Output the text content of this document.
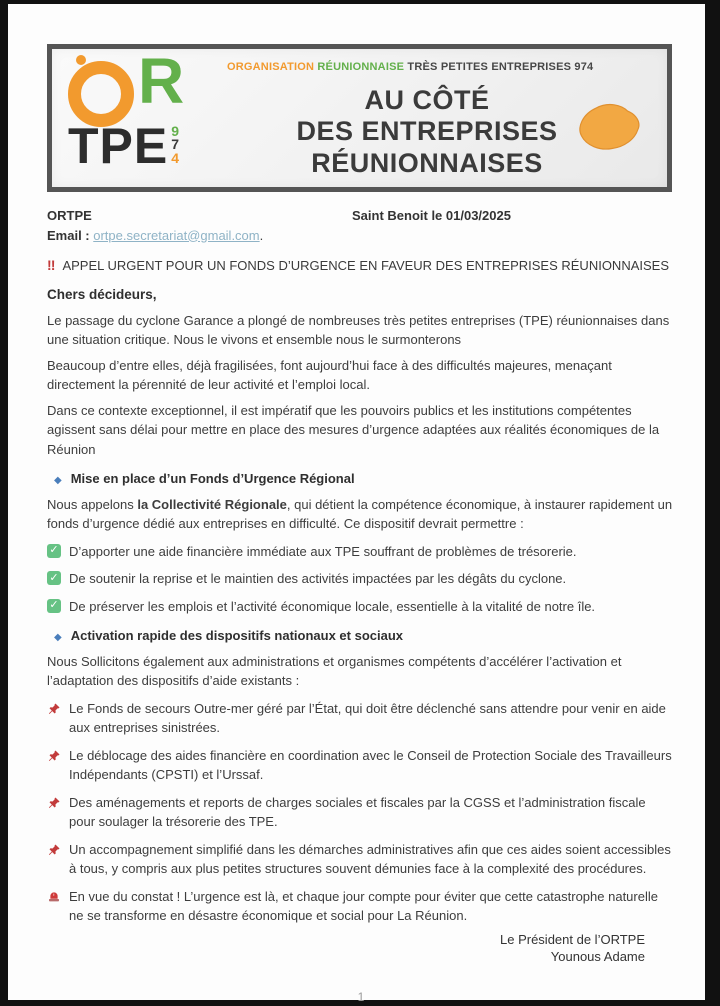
R
TPE 9
7
4
ORGANISATION RÉUNIONNAISE TRÈS PETITES ENTREPRISES 974
AU CÔTÉ
DES ENTREPRISES
RÉUNIONNAISES
ORTPE	Saint Benoit le 01/03/2025
Email : ortpe.secretariat@gmail.com.
‼ APPEL URGENT POUR UN FONDS D’URGENCE EN FAVEUR DES ENTREPRISES RÉUNIONNAISES
Chers décideurs,

Le passage du cyclone Garance a plongé de nombreuses très petites entreprises (TPE) réunionnaises dans une situation critique. Nous le vivons et ensemble nous le surmonterons

Beaucoup d’entre elles, déjà fragilisées, font aujourd’hui face à des difficultés majeures, menaçant directement la pérennité de leur activité et l’emploi local.

Dans ce contexte exceptionnel, il est impératif que les pouvoirs publics et les institutions compétentes agissent sans délai pour mettre en place des mesures d’urgence adaptées aux réalités économiques de la Réunion

◆ Mise en place d’un Fonds d’Urgence Régional

Nous appelons la Collectivité Régionale, qui détient la compétence économique, à instaurer rapidement un fonds d’urgence dédié aux entreprises en difficulté. Ce dispositif devrait permettre :

✓ D’apporter une aide financière immédiate aux TPE souffrant de problèmes de trésorerie.
✓ De soutenir la reprise et le maintien des activités impactées par les dégâts du cyclone.
✓ De préserver les emplois et l’activité économique locale, essentielle à la vitalité de notre île.
◆ Activation rapide des dispositifs nationaux et sociaux

Nous Sollicitons également aux administrations et organismes compétents d’accélérer l’activation et l’adaptation des dispositifs d’aide existants :

Le Fonds de secours Outre-mer géré par l’État, qui doit être déclenché sans attendre pour venir en aide aux entreprises sinistrées.
Le déblocage des aides financière en coordination avec le Conseil de Protection Sociale des Travailleurs Indépendants (CPSTI) et l’Urssaf.
Des aménagements et reports de charges sociales et fiscales par la CGSS et l’administration fiscale pour soulager la trésorerie des TPE.
Un accompagnement simplifié dans les démarches administratives afin que ces aides soient accessibles à tous, y compris aux plus petites structures souvent démunies face à la complexité des procédures.
En vue du constat ! L’urgence est là, et chaque jour compte pour éviter que cette catastrophe naturelle ne se transforme en désastre économique et social pour La Réunion.
Le Président de l’ORTPE
Younous Adame
1
